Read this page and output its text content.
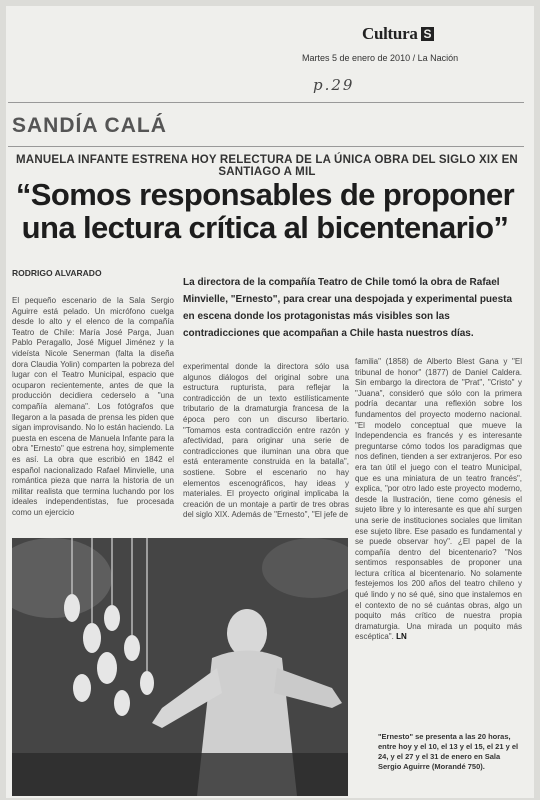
Cultura S
Martes 5 de enero de 2010 / La Nación
p.29
SANDÍA CALÁ
MANUELA INFANTE ESTRENA HOY RELECTURA DE LA ÚNICA OBRA DEL SIGLO XIX EN SANTIAGO A MIL
“Somos responsables de proponer una lectura crítica al bicentenario”
RODRIGO ALVARADO
La directora de la compañía Teatro de Chile tomó la obra de Rafael Minvielle, "Ernesto", para crear una despojada y experimental puesta en escena donde los protagonistas más visibles son las contradicciones que acompañan a Chile hasta nuestros días.
El pequeño escenario de la Sala Sergio Aguirre está pelado. Un micrófono cuelga desde lo alto y el elenco de la compañía Teatro de Chile: María José Parga, Juan Pablo Peragallo, José Miguel Jiménez y la videísta Nicole Senerman (falta la diseña dora Claudia Yolin) comparten la pobreza del lugar con el Teatro Municipal, espacio que ocuparon recientemente, antes de que la producción decidiera cederselo a "una compañía alemana". Los fotógrafos que llegaron a la pasada de prensa les piden que sigan improvisando. No lo están haciendo. La puesta en escena de Manuela Infante para la obra "Ernesto" que estrena hoy, simplemente es así. La obra que escribió en 1842 el español nacionalizado Rafael Minvielle, una romántica pieza que narra la historia de un militar realista que termina luchando por los ideales independentistas, fue procesada como un ejercicio
experimental donde la directora sólo usa algunos diálogos del original sobre una estructura rupturista, para reflejar la contradicción de un texto estilísticamente tributario de la dramaturgia francesa de la época pero con un discurso libertario. "Tomamos esta contradicción entre razón y afectividad, para originar una serie de contradicciones que iluminan una obra que está enteramente construida en la batalla", sostiene. Sobre el escenario no hay elementos escenográficos, hay ideas y materiales. El proyecto original implicaba la creación de un montaje a partir de tres obras del siglo XIX. Además de "Ernesto", "El jefe de
familia" (1858) de Alberto Blest Gana y "El tribunal de honor" (1877) de Daniel Caldera. Sin embargo la directora de "Prat", "Cristo" y "Juana", consideró que sólo con la primera podría decantar una reflexión sobre los fundamentos del proyecto moderno nacional. "El modelo conceptual que mueve la Independencia es francés y es interesante preguntarse cómo todos los paradigmas que nos definen, tienden a ser extranjeros. Por eso era tan útil el juego con el teatro Municipal, que es una miniatura de un teatro francés", explica, "por otro lado este proyecto moderno, desde la Ilustración, tiene como génesis el sujeto libre y lo interesante es que ahí surgen una serie de instituciones sociales que limitan ese sujeto libre. Ese pasado es fundamental y se puede observar hoy". ¿El papel de la compañía dentro del bicentenario? "Nos sentimos responsables de proponer una lectura crítica al bicentenario. No solamente festejemos los 200 años del teatro chileno y qué lindo y no sé qué, sino que instalemos en el contexto de no sé cuántas obras, algo un poquito más crítico de nuestra propia dramaturgia. Una mirada un poquito más escéptica". LN
"Ernesto" se presenta a las 20 horas, entre hoy y el 10, el 13 y el 15, el 21 y el 24, y el 27 y el 31 de enero en Sala Sergio Aguirre (Morandé 750).
